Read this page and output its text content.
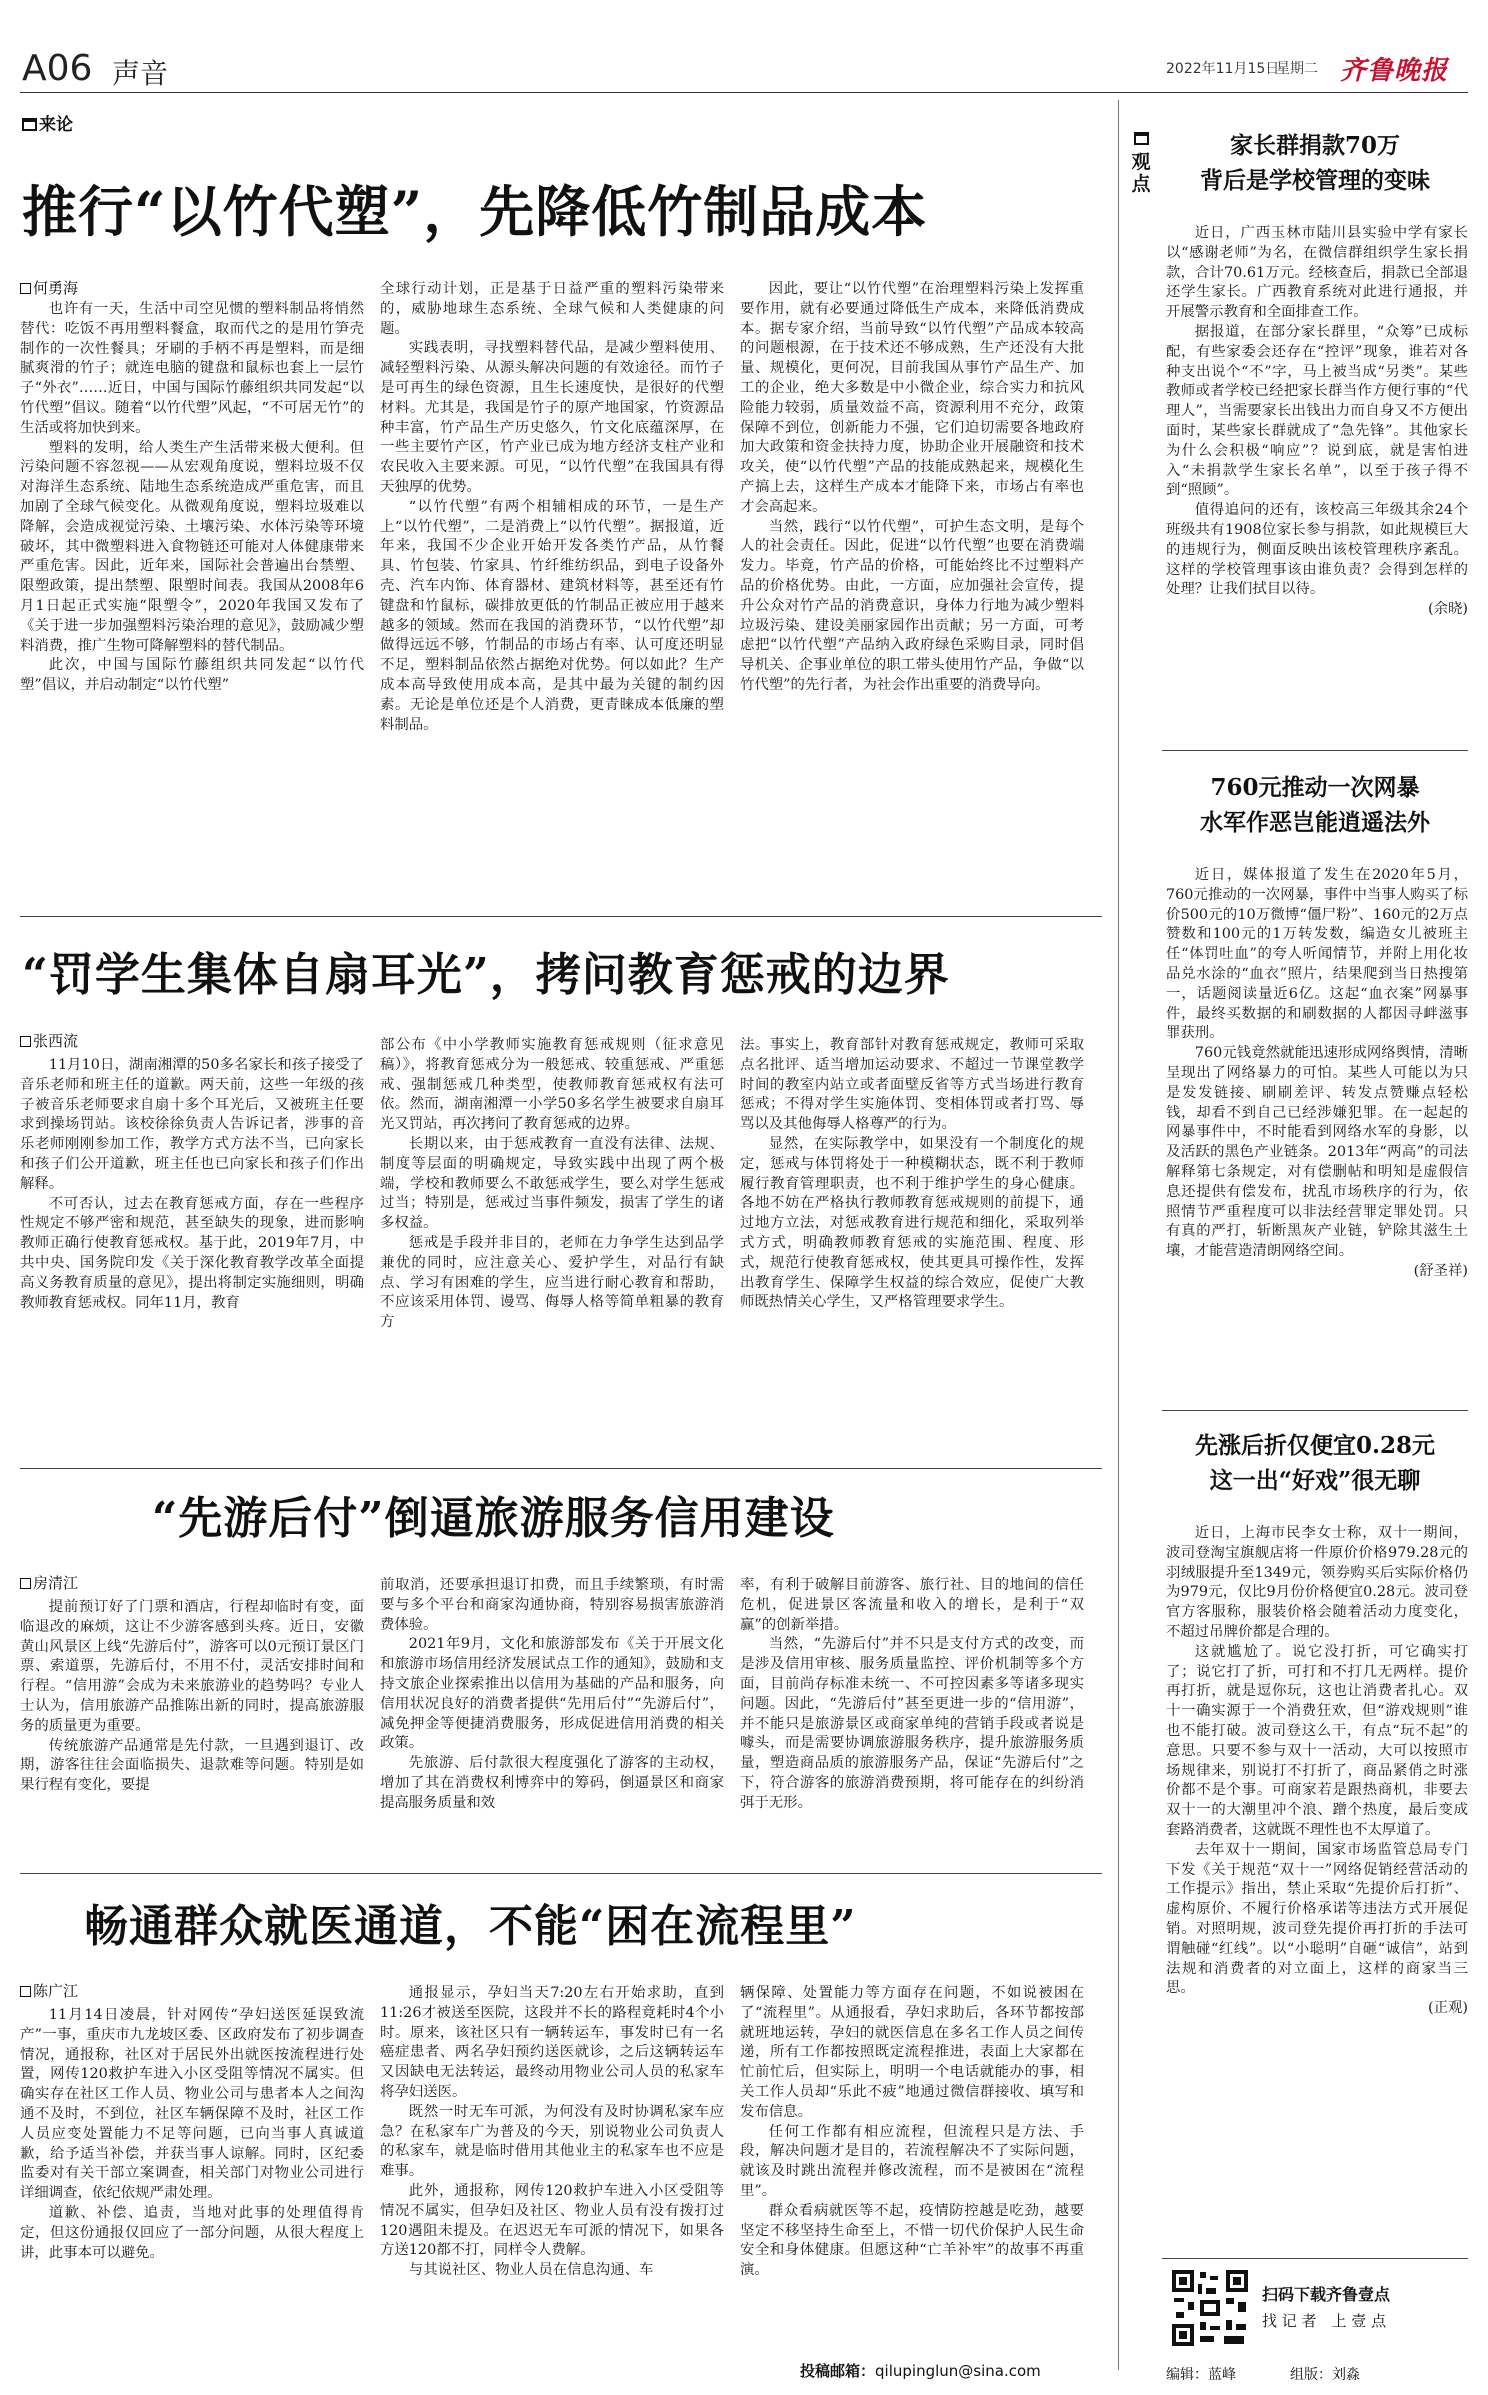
A06 声音	2022年11月15日
星期二 齐鲁晚报
来论
推行“以竹代塑”，先降低竹制品成本
何勇海

也许有一天，生活中司空见惯的塑料制品将悄然替代：吃饭不再用塑料餐盒，取而代之的是用竹笋壳制作的一次性餐具；牙刷的手柄不再是塑料，而是细腻爽滑的竹子；就连电脑的键盘和鼠标也套上一层竹子“外衣”……近日，中国与国际竹藤组织共同发起“以竹代塑”倡议。随着“以竹代塑”风起，“不可居无竹”的生活或将加快到来。

塑料的发明，给人类生产生活带来极大便利。但污染问题不容忽视——从宏观角度说，塑料垃圾不仅对海洋生态系统、陆地生态系统造成严重危害，而且加剧了全球气候变化。从微观角度说，塑料垃圾难以降解，会造成视觉污染、土壤污染、水体污染等环境破坏，其中微塑料进入食物链还可能对人体健康带来严重危害。因此，近年来，国际社会普遍出台禁塑、限塑政策，提出禁塑、限塑时间表。我国从2008年6月1日起正式实施“限塑令”，2020年我国又发布了《关于进一步加强塑料污染治理的意见》，鼓励减少塑料消费，推广生物可降解塑料的替代制品。

此次，中国与国际竹藤组织共同发起“以竹代塑”倡议，并启动制定“以竹代塑”

全球行动计划，正是基于日益严重的塑料污染带来的，威胁地球生态系统、全球气候和人类健康的问题。

实践表明，寻找塑料替代品，是减少塑料使用、减轻塑料污染、从源头解决问题的有效途径。而竹子是可再生的绿色资源，且生长速度快，是很好的代塑材料。尤其是，我国是竹子的原产地国家，竹资源品种丰富，竹产品生产历史悠久，竹文化底蕴深厚，在一些主要竹产区，竹产业已成为地方经济支柱产业和农民收入主要来源。可见，“以竹代塑”在我国具有得天独厚的优势。

“以竹代塑”有两个相辅相成的环节，一是生产上“以竹代塑”，二是消费上“以竹代塑”。据报道，近年来，我国不少企业开始开发各类竹产品，从竹餐具、竹包装、竹家具、竹纤维纺织品，到电子设备外壳、汽车内饰、体育器材、建筑材料等，甚至还有竹键盘和竹鼠标，碳排放更低的竹制品正被应用于越来越多的领域。然而在我国的消费环节，“以竹代塑”却做得远远不够，竹制品的市场占有率、认可度还明显不足，塑料制品依然占据绝对优势。何以如此？生产成本高导致使用成本高，是其中最为关键的制约因素。无论是单位还是个人消费，更青睐成本低廉的塑料制品。

因此，要让“以竹代塑”在治理塑料污染上发挥重要作用，就有必要通过降低生产成本，来降低消费成本。据专家介绍，当前导致“以竹代塑”产品成本较高的问题根源，在于技术还不够成熟，生产还没有大批量、规模化，更何况，目前我国从事竹产品生产、加工的企业，绝大多数是中小微企业，综合实力和抗风险能力较弱，质量效益不高，资源利用不充分，政策保障不到位，创新能力不强，它们迫切需要各地政府加大政策和资金扶持力度，协助企业开展融资和技术攻关，使“以竹代塑”产品的技能成熟起来，规模化生产搞上去，这样生产成本才能降下来，市场占有率也才会高起来。

当然，践行“以竹代塑”，可护生态文明，是每个人的社会责任。因此，促进“以竹代塑”也要在消费端发力。毕竟，竹产品的价格，可能始终比不过塑料产品的价格优势。由此，一方面，应加强社会宣传，提升公众对竹产品的消费意识，身体力行地为减少塑料垃圾污染、建设美丽家园作出贡献；另一方面，可考虑把“以竹代塑”产品纳入政府绿色采购目录，同时倡导机关、企事业单位的职工带头使用竹产品，争做“以竹代塑”的先行者，为社会作出重要的消费导向。

“罚学生集体自扇耳光”，拷问教育惩戒的边界
张西流

11月10日，湖南湘潭的50多名家长和孩子接受了音乐老师和班主任的道歉。两天前，这些一年级的孩子被音乐老师要求自扇十多个耳光后，又被班主任要求到操场罚站。该校徐徐负责人告诉记者，涉事的音乐老师刚刚参加工作，教学方式方法不当，已向家长和孩子们公开道歉，班主任也已向家长和孩子们作出解释。

不可否认，过去在教育惩戒方面，存在一些程序性规定不够严密和规范，甚至缺失的现象，进而影响教师正确行使教育惩戒权。基于此，2019年7月，中共中央、国务院印发《关于深化教育教学改革全面提高义务教育质量的意见》，提出将制定实施细则，明确教师教育惩戒权。同年11月，教育

部公布《中小学教师实施教育惩戒规则（征求意见稿）》，将教育惩戒分为一般惩戒、较重惩戒、严重惩戒、强制惩戒几种类型，使教师教育惩戒权有法可依。然而，湖南湘潭一小学50多名学生被要求自扇耳光又罚站，再次拷问了教育惩戒的边界。

长期以来，由于惩戒教育一直没有法律、法规、制度等层面的明确规定，导致实践中出现了两个极端，学校和教师要么不敢惩戒学生，要么对学生惩戒过当；特别是，惩戒过当事件频发，损害了学生的诸多权益。

惩戒是手段并非目的，老师在力争学生达到品学兼优的同时，应注意关心、爱护学生，对品行有缺点、学习有困难的学生，应当进行耐心教育和帮助，不应该采用体罚、谩骂、侮辱人格等简单粗暴的教育方

法。事实上，教育部针对教育惩戒规定，教师可采取点名批评、适当增加运动要求、不超过一节课堂教学时间的教室内站立或者面壁反省等方式当场进行教育惩戒；不得对学生实施体罚、变相体罚或者打骂、辱骂以及其他侮辱人格尊严的行为。

显然，在实际教学中，如果没有一个制度化的规定，惩戒与体罚将处于一种模糊状态，既不利于教师履行教育管理职责，也不利于维护学生的身心健康。各地不妨在严格执行教师教育惩戒规则的前提下，通过地方立法，对惩戒教育进行规范和细化，采取列举式方式，明确教师教育惩戒的实施范围、程度、形式，规范行使教育惩戒权，使其更具可操作性，发挥出教育学生、保障学生权益的综合效应，促使广大教师既热情关心学生，又严格管理要求学生。

“先游后付”倒逼旅游服务信用建设
房清江

提前预订好了门票和酒店，行程却临时有变，面临退改的麻烦，这让不少游客感到头疼。近日，安徽黄山风景区上线“先游后付”，游客可以0元预订景区门票、索道票，先游后付，不用不付，灵活安排时间和行程。“信用游”会成为未来旅游业的趋势吗？专业人士认为，信用旅游产品推陈出新的同时，提高旅游服务的质量更为重要。

传统旅游产品通常是先付款，一旦遇到退订、改期，游客往往会面临损失、退款难等问题。特别是如果行程有变化，要提

前取消，还要承担退订扣费，而且手续繁琐，有时需要与多个平台和商家沟通协商，特别容易损害旅游消费体验。

2021年9月，文化和旅游部发布《关于开展文化和旅游市场信用经济发展试点工作的通知》，鼓励和支持文旅企业探索推出以信用为基础的产品和服务，向信用状况良好的消费者提供“先用后付”“先游后付”，减免押金等便捷消费服务，形成促进信用消费的相关政策。

先旅游、后付款很大程度强化了游客的主动权，增加了其在消费权利博弈中的筹码，倒逼景区和商家提高服务质量和效

率，有利于破解目前游客、旅行社、目的地间的信任危机，促进景区客流量和收入的增长，是利于“双赢”的创新举措。

当然，“先游后付”并不只是支付方式的改变，而是涉及信用审核、服务质量监控、评价机制等多个方面，目前尚存标准未统一、不可控因素多等诸多现实问题。因此，“先游后付”甚至更进一步的“信用游”，并不能只是旅游景区或商家单纯的营销手段或者说是噱头，而是需要协调旅游服务秩序，提升旅游服务质量，塑造商品质的旅游服务产品，保证“先游后付”之下，符合游客的旅游消费预期，将可能存在的纠纷消弭于无形。

畅通群众就医通道，不能“困在流程里”
陈广江

11月14日凌晨，针对网传“孕妇送医延误致流产”一事，重庆市九龙坡区委、区政府发布了初步调查情况，通报称，社区对于居民外出就医按流程进行处置，网传120救护车进入小区受阻等情况不属实。但确实存在社区工作人员、物业公司与患者本人之间沟通不及时，不到位，社区车辆保障不及时，社区工作人员应变处置能力不足等问题，已向当事人真诚道歉，给予适当补偿，并获当事人谅解。同时，区纪委监委对有关干部立案调查，相关部门对物业公司进行详细调查，依纪依规严肃处理。

道歉、补偿、追责，当地对此事的处理值得肯定，但这份通报仅回应了一部分问题，从很大程度上讲，此事本可以避免。

通报显示，孕妇当天7:20左右开始求助，直到11:26才被送至医院，这段并不长的路程竟耗时4个小时。原来，该社区只有一辆转运车，事发时已有一名癌症患者、两名孕妇预约送医就诊，之后这辆转运车又因缺电无法转运，最终动用物业公司人员的私家车将孕妇送医。

既然一时无车可派，为何没有及时协调私家车应急？在私家车广为普及的今天，别说物业公司负责人的私家车，就是临时借用其他业主的私家车也不应是难事。

此外，通报称，网传120救护车进入小区受阻等情况不属实，但孕妇及社区、物业人员有没有拨打过120遇阻未提及。在迟迟无车可派的情况下，如果各方送120都不打，同样令人费解。

与其说社区、物业人员在信息沟通、车

辆保障、处置能力等方面存在问题，不如说被困在了“流程里”。从通报看，孕妇求助后，各环节都按部就班地运转，孕妇的就医信息在多名工作人员之间传递，所有工作都按照既定流程推进，表面上大家都在忙前忙后，但实际上，明明一个电话就能办的事，相关工作人员却“乐此不疲”地通过微信群接收、填写和发布信息。

任何工作都有相应流程，但流程只是方法、手段，解决问题才是目的，若流程解决不了实际问题，就该及时跳出流程并修改流程，而不是被困在“流程里”。

群众看病就医等不起，疫情防控越是吃劲，越要坚定不移坚持生命至上，不惜一切代价保护人民生命安全和身体健康。但愿这种“亡羊补牢”的故事不再重演。

投稿邮箱：qilupinglun@sina.com
观点
家长群捐款70万
背后是学校管理的变味

近日，广西玉林市陆川县实验中学有家长以“感谢老师”为名，在微信群组织学生家长捐款，合计70.61万元。经核查后，捐款已全部退还学生家长。广西教育系统对此进行通报，并开展警示教育和全面排查工作。

据报道，在部分家长群里，“众筹”已成标配，有些家委会还存在“控评”现象，谁若对各种支出说个“不”字，马上被当成“另类”。某些教师或者学校已经把家长群当作方便行事的“代理人”，当需要家长出钱出力而自身又不方便出面时，某些家长群就成了“急先锋”。其他家长为什么会积极“响应”？说到底，就是害怕进入“未捐款学生家长名单”，以至于孩子得不到“照顾”。

值得追问的还有，该校高三年级其余24个班级共有1908位家长参与捐款，如此规模巨大的违规行为，侧面反映出该校管理秩序紊乱。这样的学校管理事该由谁负责？会得到怎样的处理？让我们拭目以待。

(余晓)

760元推动一次网暴
水军作恶岂能逍遥法外

近日，媒体报道了发生在2020年5月，760元推动的一次网暴，事件中当事人购买了标价500元的10万微博“僵尸粉”、160元的2万点赞数和100元的1万转发数，编造女儿被班主任“体罚吐血”的夸人听闻情节，并附上用化妆品兑水涂的“血衣”照片，结果爬到当日热搜第一，话题阅读量近6亿。这起“血衣案”网暴事件，最终买数据的和刷数据的人都因寻衅滋事罪获刑。

760元钱竟然就能迅速形成网络舆情，清晰呈现出了网络暴力的可怕。某些人可能以为只是发发链接、刷刷差评、转发点赞赚点轻松钱，却看不到自己已经涉嫌犯罪。在一起起的网暴事件中，不时能看到网络水军的身影，以及活跃的黑色产业链条。2013年“两高”的司法解释第七条规定，对有偿删帖和明知是虚假信息还提供有偿发布，扰乱市场秩序的行为，依照情节严重程度可以非法经营罪定罪处罚。只有真的严打，斩断黑灰产业链，铲除其滋生土壤，才能营造清朗网络空间。

(舒圣祥)

先涨后折仅便宜0.28元
这一出“好戏”很无聊

近日，上海市民李女士称，双十一期间，波司登淘宝旗舰店将一件原价价格979.28元的羽绒服提升至1349元，领券购买后实际价格仍为979元，仅比9月份价格便宜0.28元。波司登官方客服称，服装价格会随着活动力度变化，不超过吊牌价都是合理的。

这就尴尬了。说它没打折，可它确实打了；说它打了折，可打和不打几无两样。提价再打折，就是逗你玩，这也让消费者扎心。双十一确实源于一个消费狂欢，但“游戏规则”谁也不能打破。波司登这么干，有点“玩不起”的意思。只要不参与双十一活动，大可以按照市场规律来，别说打不打折了，商品紧俏之时涨价都不是个事。可商家若是跟热商机，非要去双十一的大潮里冲个浪、蹭个热度，最后变成套路消费者，这就既不理性也不太厚道了。

去年双十一期间，国家市场监管总局专门下发《关于规范“双十一”网络促销经营活动的工作提示》指出，禁止采取“先提价后打折”、虚构原价、不履行价格承诺等违法方式开展促销。对照明规，波司登先提价再打折的手法可谓触碰“红线”。以“小聪明”自砸“诚信”，站到法规和消费者的对立面上，这样的商家当三思。

(正观)

扫码下载齐鲁壹点
找 记 者　上 壹 点
编辑：蓝峰	组版：刘淼
